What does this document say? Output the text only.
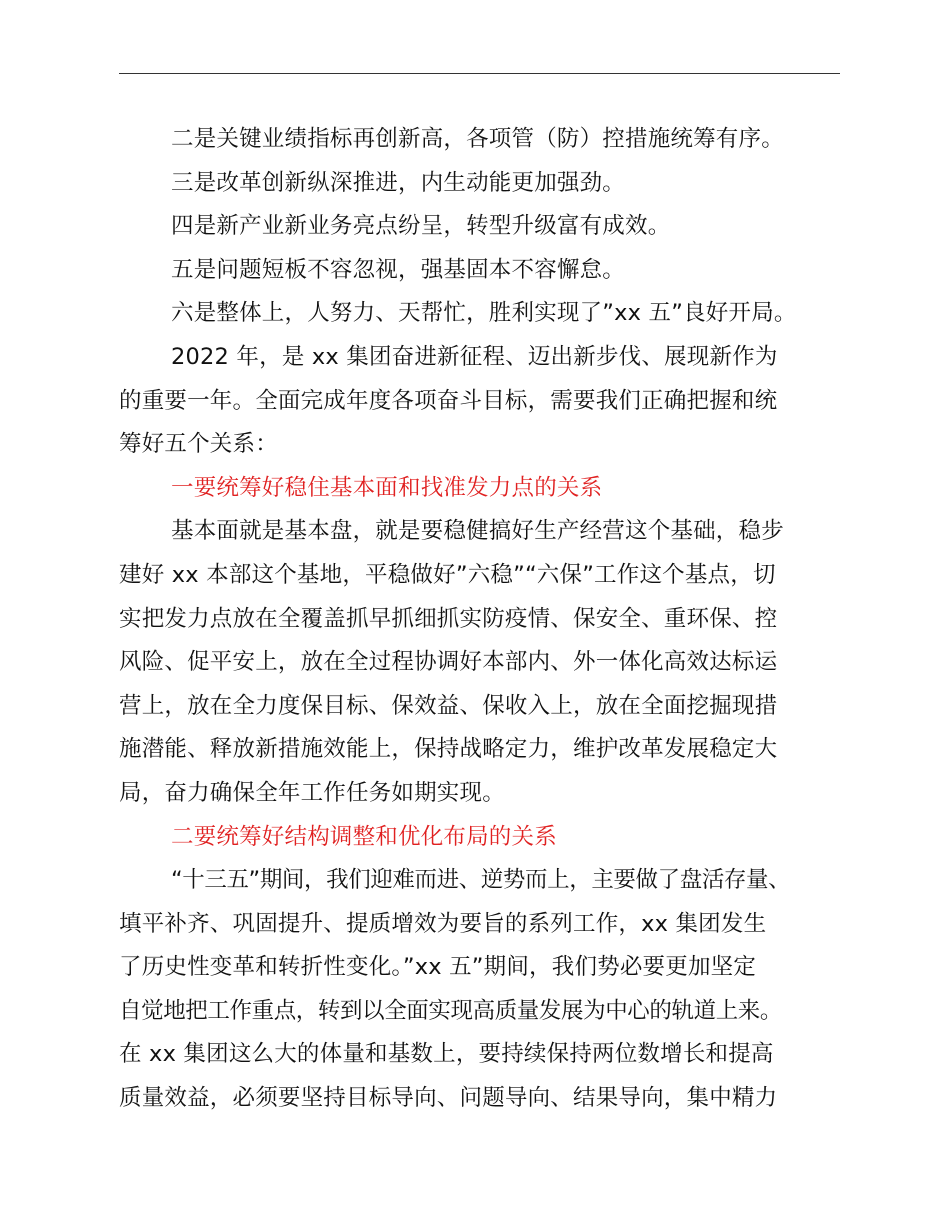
二是关键业绩指标再创新高，各项管（防）控措施统筹有序。
三是改革创新纵深推进，内生动能更加强劲。
四是新产业新业务亮点纷呈，转型升级富有成效。
五是问题短板不容忽视，强基固本不容懈怠。
六是整体上，人努力、天帮忙，胜利实现了”xx 五”良好开局。
2022 年，是 xx 集团奋进新征程、迈出新步伐、展现新作为
的重要一年。全面完成年度各项奋斗目标，需要我们正确把握和统
筹好五个关系：
一要统筹好稳住基本面和找准发力点的关系
基本面就是基本盘，就是要稳健搞好生产经营这个基础，稳步
建好 xx 本部这个基地，平稳做好”六稳”“六保”工作这个基点，切
实把发力点放在全覆盖抓早抓细抓实防疫情、保安全、重环保、控
风险、促平安上，放在全过程协调好本部内、外一体化高效达标运
营上，放在全力度保目标、保效益、保收入上，放在全面挖掘现措
施潜能、释放新措施效能上，保持战略定力，维护改革发展稳定大
局，奋力确保全年工作任务如期实现。
二要统筹好结构调整和优化布局的关系
“十三五”期间，我们迎难而进、逆势而上，主要做了盘活存量、
填平补齐、巩固提升、提质增效为要旨的系列工作，xx 集团发生
了历史性变革和转折性变化。”xx 五”期间，我们势必要更加坚定
自觉地把工作重点，转到以全面实现高质量发展为中心的轨道上来。
在 xx 集团这么大的体量和基数上，要持续保持两位数增长和提高
质量效益，必须要坚持目标导向、问题导向、结果导向，集中精力
